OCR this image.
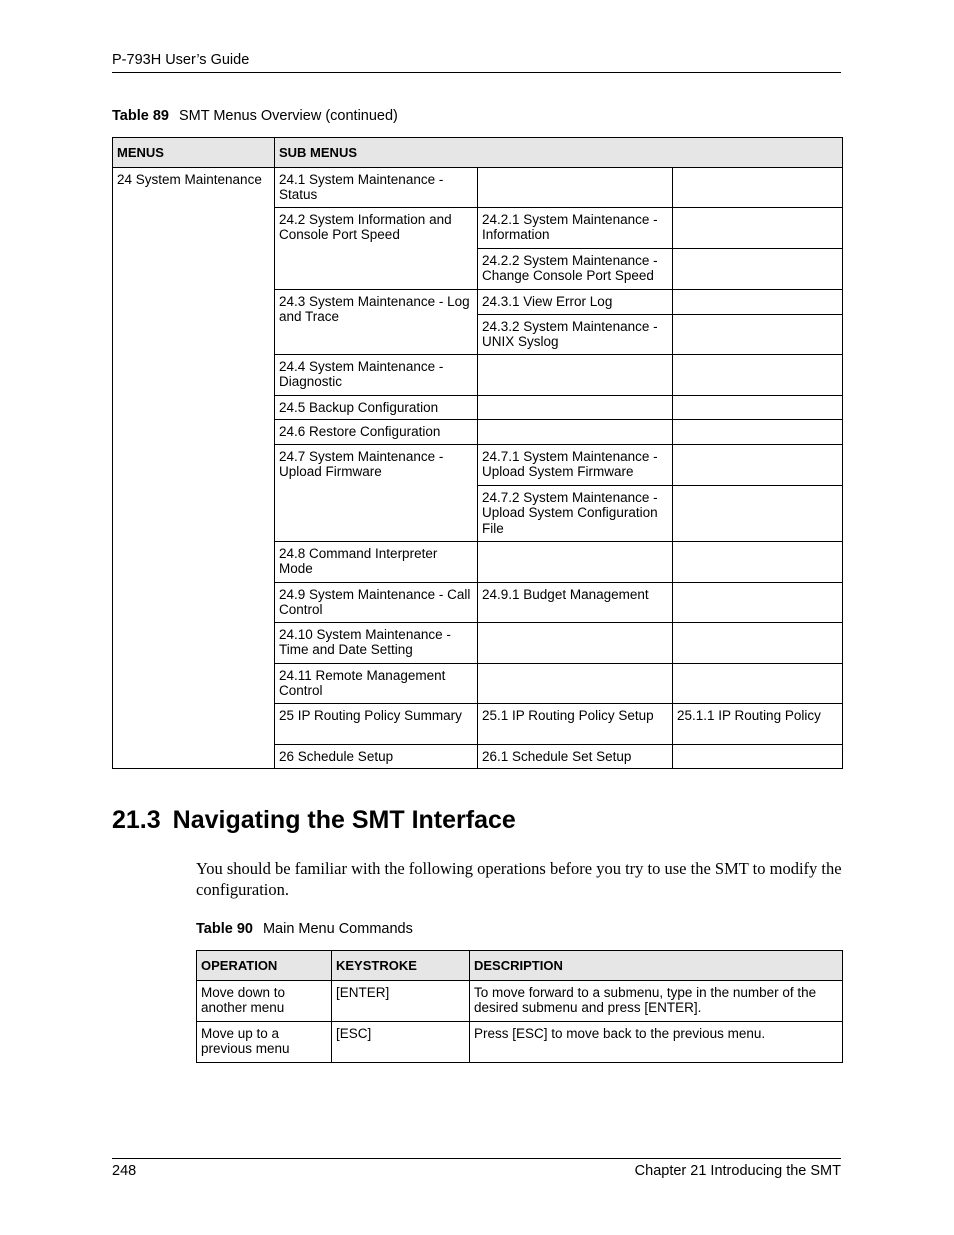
P-793H User’s Guide
Table 89 SMT Menus Overview (continued)
MENUS	SUB MENUS			
24 System Maintenance	24.1 System Maintenance - Status			
	24.2 System Information and Console Port Speed	24.2.1 System Maintenance - Information		
		24.2.2 System Maintenance - Change Console Port Speed		
	24.3 System Maintenance - Log and Trace	24.3.1 View Error Log		
		24.3.2 System Maintenance - UNIX Syslog		
	24.4 System Maintenance - Diagnostic			
	24.5 Backup Configuration			
	24.6 Restore Configuration			
	24.7 System Maintenance - Upload Firmware	24.7.1 System Maintenance - Upload System Firmware		
		24.7.2 System Maintenance - Upload System Configuration File		
	24.8 Command Interpreter Mode			
	24.9 System Maintenance - Call Control	24.9.1 Budget Management		
	24.10 System Maintenance - Time and Date Setting			
	24.11 Remote Management Control			
	25 IP Routing Policy Summary	25.1 IP Routing Policy Setup	25.1.1 IP Routing Policy	
	26 Schedule Setup	26.1 Schedule Set Setup		
21.3 Navigating the SMT Interface
You should be familiar with the following operations before you try to use the SMT to modify the configuration.
Table 90 Main Menu Commands
OPERATION	KEYSTROKE	DESCRIPTION
Move down to another menu	[ENTER]	To move forward to a submenu, type in the number of the desired submenu and press [ENTER].
Move up to a previous menu	[ESC]	Press [ESC] to move back to the previous menu.
248	Chapter 21 Introducing the SMT
